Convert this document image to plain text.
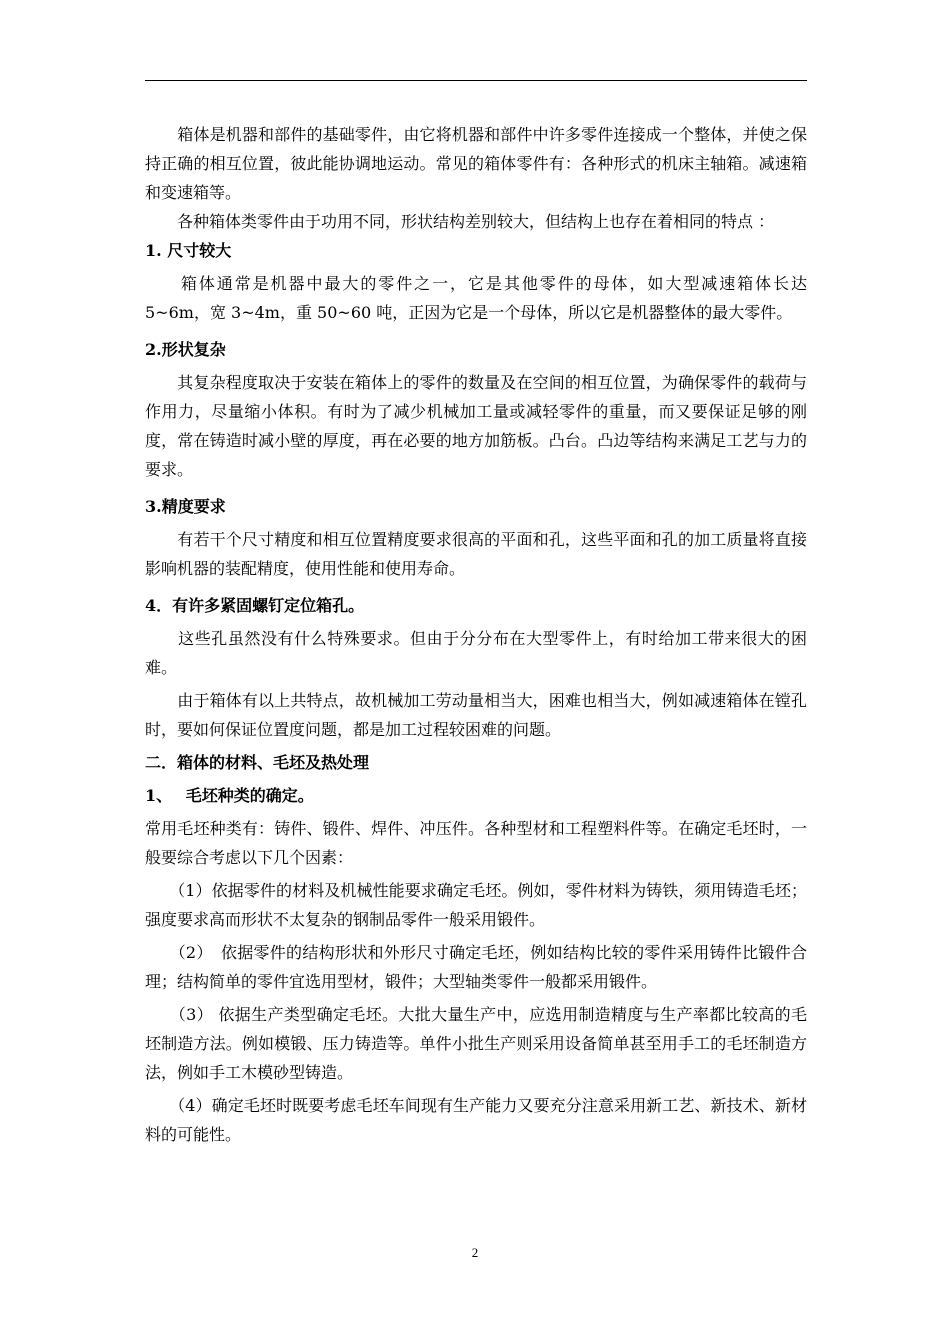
　　箱体是机器和部件的基础零件，由它将机器和部件中许多零件连接成一个整体，并使之保持正确的相互位置，彼此能协调地运动。常见的箱体零件有：各种形式的机床主轴箱。减速箱和变速箱等。

　　各种箱体类零件由于功用不同，形状结构差别较大，但结构上也存在着相同的特点 ：

1. 尺寸较大

　　箱体通常是机器中最大的零件之一，它是其他零件的母体，如大型减速箱体长达 5~6m，宽 3~4m，重 50~60 吨，正因为它是一个母体，所以它是机器整体的最大零件。

2.形状复杂

　　其复杂程度取决于安装在箱体上的零件的数量及在空间的相互位置，为确保零件的载荷与作用力，尽量缩小体积。有时为了减少机械加工量或减轻零件的重量，而又要保证足够的刚度，常在铸造时减小壁的厚度，再在必要的地方加筋板。凸台。凸边等结构来满足工艺与力的要求。

3.精度要求

　　有若干个尺寸精度和相互位置精度要求很高的平面和孔，这些平面和孔的加工质量将直接影响机器的装配精度，使用性能和使用寿命。

4．有许多紧固螺钉定位箱孔。

　　这些孔虽然没有什么特殊要求。但由于分分布在大型零件上，有时给加工带来很大的困难。

　　由于箱体有以上共特点，故机械加工劳动量相当大，困难也相当大，例如减速箱体在镗孔时，要如何保证位置度问题，都是加工过程较困难的问题。

二．箱体的材料、毛坯及热处理

1、　 毛坯种类的确定。

常用毛坯种类有：铸件、锻件、焊件、冲压件。各种型材和工程塑料件等。在确定毛坯时，一般要综合考虑以下几个因素：

　　（1）依据零件的材料及机械性能要求确定毛坯。例如，零件材料为铸铁，须用铸造毛坯；强度要求高而形状不太复杂的钢制品零件一般采用锻件。

　　（2）　依据零件的结构形状和外形尺寸确定毛坯，例如结构比较的零件采用铸件比锻件合理；结构简单的零件宜选用型材，锻件；大型轴类零件一般都采用锻件。

　　（3） 依据生产类型确定毛坯。大批大量生产中，应选用制造精度与生产率都比较高的毛坯制造方法。例如模锻、压力铸造等。单件小批生产则采用设备简单甚至用手工的毛坯制造方法，例如手工木模砂型铸造。

　　（4）确定毛坯时既要考虑毛坯车间现有生产能力又要充分注意采用新工艺、新技术、新材料的可能性。

2
